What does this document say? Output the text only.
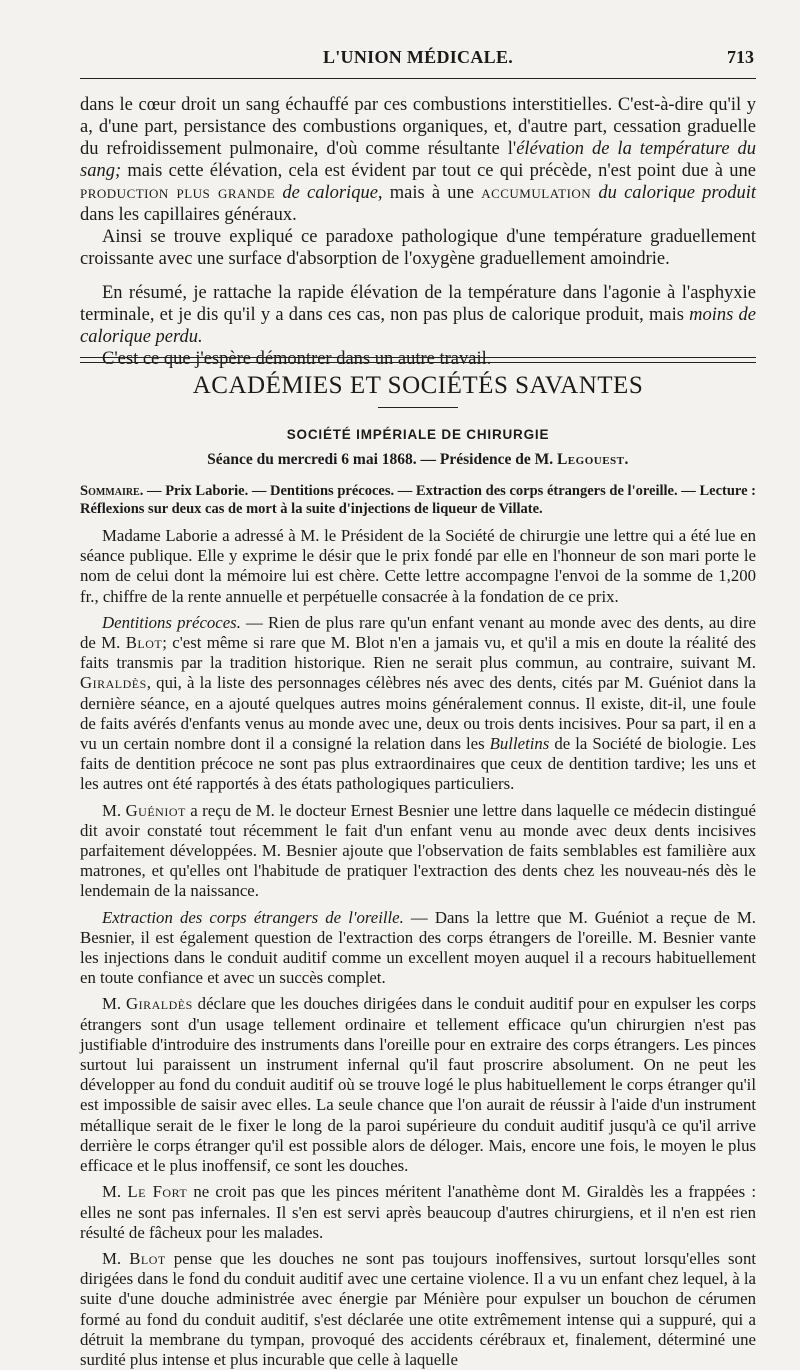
L'UNION MÉDICALE.	713

dans le cœur droit un sang échauffé par ces combustions interstitielles. C'est-à-dire qu'il y a, d'une part, persistance des combustions organiques, et, d'autre part, cessation graduelle du refroidissement pulmonaire, d'où comme résultante l'élévation de la température du sang; mais cette élévation, cela est évident par tout ce qui précède, n'est point due à une production plus grande de calorique, mais à une accumulation du calorique produit dans les capillaires généraux.

Ainsi se trouve expliqué ce paradoxe pathologique d'une température graduellement croissante avec une surface d'absorption de l'oxygène graduellement amoindrie.

En résumé, je rattache la rapide élévation de la température dans l'agonie à l'asphyxie terminale, et je dis qu'il y a dans ces cas, non pas plus de calorique produit, mais moins de calorique perdu.

C'est ce que j'espère démontrer dans un autre travail.

ACADÉMIES ET SOCIÉTÉS SAVANTES
SOCIÉTÉ IMPÉRIALE DE CHIRURGIE
Séance du mercredi 6 mai 1868. — Présidence de M. Legouest.
Sommaire. — Prix Laborie. — Dentitions précoces. — Extraction des corps étrangers de l'oreille. — Lecture : Réflexions sur deux cas de mort à la suite d'injections de liqueur de Villate.

Madame Laborie a adressé à M. le Président de la Société de chirurgie une lettre qui a été lue en séance publique. Elle y exprime le désir que le prix fondé par elle en l'honneur de son mari porte le nom de celui dont la mémoire lui est chère. Cette lettre accompagne l'envoi de la somme de 1,200 fr., chiffre de la rente annuelle et perpétuelle consacrée à la fondation de ce prix.

Dentitions précoces. — Rien de plus rare qu'un enfant venant au monde avec des dents, au dire de M. Blot; c'est même si rare que M. Blot n'en a jamais vu, et qu'il a mis en doute la réalité des faits transmis par la tradition historique. Rien ne serait plus commun, au contraire, suivant M. Giraldès, qui, à la liste des personnages célèbres nés avec des dents, cités par M. Guéniot dans la dernière séance, en a ajouté quelques autres moins généralement connus. Il existe, dit-il, une foule de faits avérés d'enfants venus au monde avec une, deux ou trois dents incisives. Pour sa part, il en a vu un certain nombre dont il a consigné la relation dans les Bulletins de la Société de biologie. Les faits de dentition précoce ne sont pas plus extraordinaires que ceux de dentition tardive; les uns et les autres ont été rapportés à des états pathologiques particuliers.

M. Guéniot a reçu de M. le docteur Ernest Besnier une lettre dans laquelle ce médecin distingué dit avoir constaté tout récemment le fait d'un enfant venu au monde avec deux dents incisives parfaitement développées. M. Besnier ajoute que l'observation de faits semblables est familière aux matrones, et qu'elles ont l'habitude de pratiquer l'extraction des dents chez les nouveau-nés dès le lendemain de la naissance.

Extraction des corps étrangers de l'oreille. — Dans la lettre que M. Guéniot a reçue de M. Besnier, il est également question de l'extraction des corps étrangers de l'oreille. M. Besnier vante les injections dans le conduit auditif comme un excellent moyen auquel il a recours habituellement en toute confiance et avec un succès complet.

M. Giraldès déclare que les douches dirigées dans le conduit auditif pour en expulser les corps étrangers sont d'un usage tellement ordinaire et tellement efficace qu'un chirurgien n'est pas justifiable d'introduire des instruments dans l'oreille pour en extraire des corps étrangers. Les pinces surtout lui paraissent un instrument infernal qu'il faut proscrire absolument. On ne peut les développer au fond du conduit auditif où se trouve logé le plus habituellement le corps étranger qu'il est impossible de saisir avec elles. La seule chance que l'on aurait de réussir à l'aide d'un instrument métallique serait de le fixer le long de la paroi supérieure du conduit auditif jusqu'à ce qu'il arrive derrière le corps étranger qu'il est possible alors de déloger. Mais, encore une fois, le moyen le plus efficace et le plus inoffensif, ce sont les douches.

M. Le Fort ne croit pas que les pinces méritent l'anathème dont M. Giraldès les a frappées : elles ne sont pas infernales. Il s'en est servi après beaucoup d'autres chirurgiens, et il n'en est rien résulté de fâcheux pour les malades.

M. Blot pense que les douches ne sont pas toujours inoffensives, surtout lorsqu'elles sont dirigées dans le fond du conduit auditif avec une certaine violence. Il a vu un enfant chez lequel, à la suite d'une douche administrée avec énergie par Ménière pour expulser un bouchon de cérumen formé au fond du conduit auditif, s'est déclarée une otite extrêmement intense qui a suppuré, qui a détruit la membrane du tympan, provoqué des accidents cérébraux et, finalement, déterminé une surdité plus intense et plus incurable que celle à laquelle
